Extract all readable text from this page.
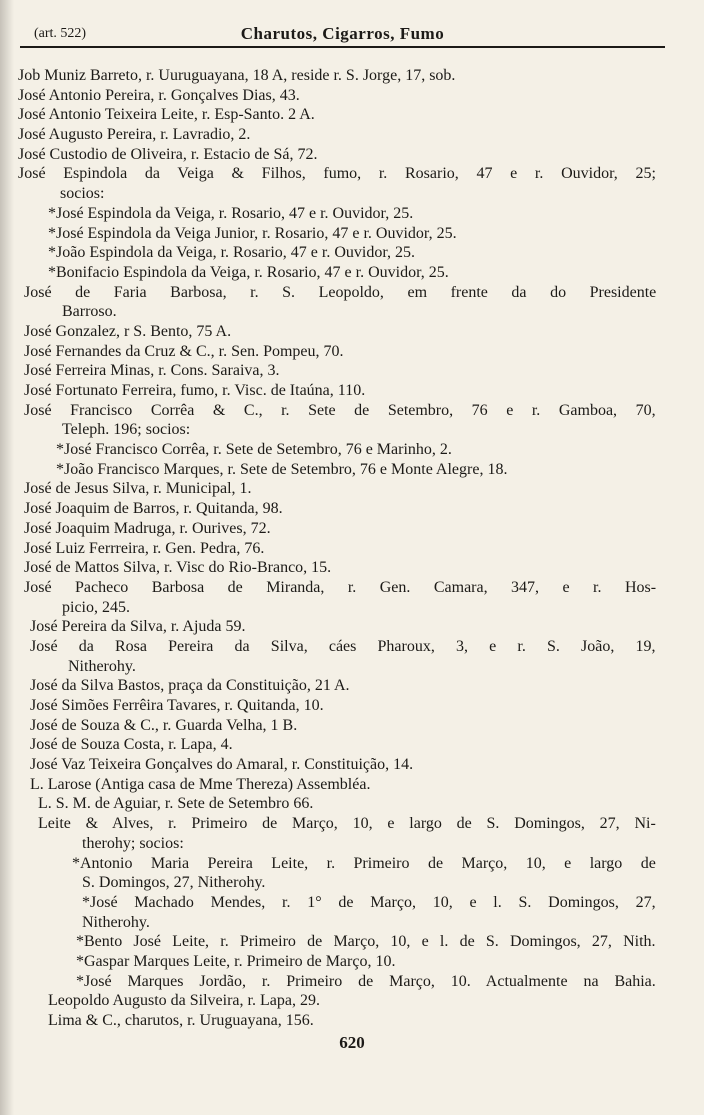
(art. 522)	Charutos, Cigarros, Fumo
Job Muniz Barreto, r. Uuruguayana, 18 A, reside r. S. Jorge, 17, sob.
José Antonio Pereira, r. Gonçalves Dias, 43.
José Antonio Teixeira Leite, r. Esp-Santo. 2 A.
José Augusto Pereira, r. Lavradio, 2.
José Custodio de Oliveira, r. Estacio de Sá, 72.
José Espindola da Veiga & Filhos, fumo, r. Rosario, 47 e r. Ouvidor, 25;
socios:
*José Espindola da Veiga, r. Rosario, 47 e r. Ouvidor, 25.
*José Espindola da Veiga Junior, r. Rosario, 47 e r. Ouvidor, 25.
*João Espindola da Veiga, r. Rosario, 47 e r. Ouvidor, 25.
*Bonifacio Espindola da Veiga, r. Rosario, 47 e r. Ouvidor, 25.
José de Faria Barbosa, r. S. Leopoldo, em frente da do Presidente
Barroso.
José Gonzalez, r S. Bento, 75 A.
José Fernandes da Cruz & C., r. Sen. Pompeu, 70.
José Ferreira Minas, r. Cons. Saraiva, 3.
José Fortunato Ferreira, fumo, r. Visc. de Itaúna, 110.
José Francisco Corrêa & C., r. Sete de Setembro, 76 e r. Gamboa, 70,
Teleph. 196; socios:
*José Francisco Corrêa, r. Sete de Setembro, 76 e Marinho, 2.
*João Francisco Marques, r. Sete de Setembro, 76 e Monte Alegre, 18.
José de Jesus Silva, r. Municipal, 1.
José Joaquim de Barros, r. Quitanda, 98.
José Joaquim Madruga, r. Ourives, 72.
José Luiz Ferrreira, r. Gen. Pedra, 76.
José de Mattos Silva, r. Visc do Rio-Branco, 15.
José Pacheco Barbosa de Miranda, r. Gen. Camara, 347, e r. Hos-
picio, 245.
José Pereira da Silva, r. Ajuda 59.
José da Rosa Pereira da Silva, cáes Pharoux, 3, e r. S. João, 19,
Nitherohy.
José da Silva Bastos, praça da Constituição, 21 A.
José Simões Ferrêira Tavares, r. Quitanda, 10.
José de Souza & C., r. Guarda Velha, 1 B.
José de Souza Costa, r. Lapa, 4.
José Vaz Teixeira Gonçalves do Amaral, r. Constituição, 14.
L. Larose (Antiga casa de Mme Thereza) Assembléa.
L. S. M. de Aguiar, r. Sete de Setembro 66.
Leite & Alves, r. Primeiro de Março, 10, e largo de S. Domingos, 27, Ni-
therohy; socios:
*Antonio Maria Pereira Leite, r. Primeiro de Março, 10, e largo de
S. Domingos, 27, Nitherohy.
*José Machado Mendes, r. 1° de Março, 10, e l. S. Domingos, 27,
Nitherohy.
*Bento José Leite, r. Primeiro de Março, 10, e l. de S. Domingos, 27, Nith.
*Gaspar Marques Leite, r. Primeiro de Março, 10.
*José Marques Jordão, r. Primeiro de Março, 10. Actualmente na Bahia.
Leopoldo Augusto da Silveira, r. Lapa, 29.
Lima & C., charutos, r. Uruguayana, 156.
620
